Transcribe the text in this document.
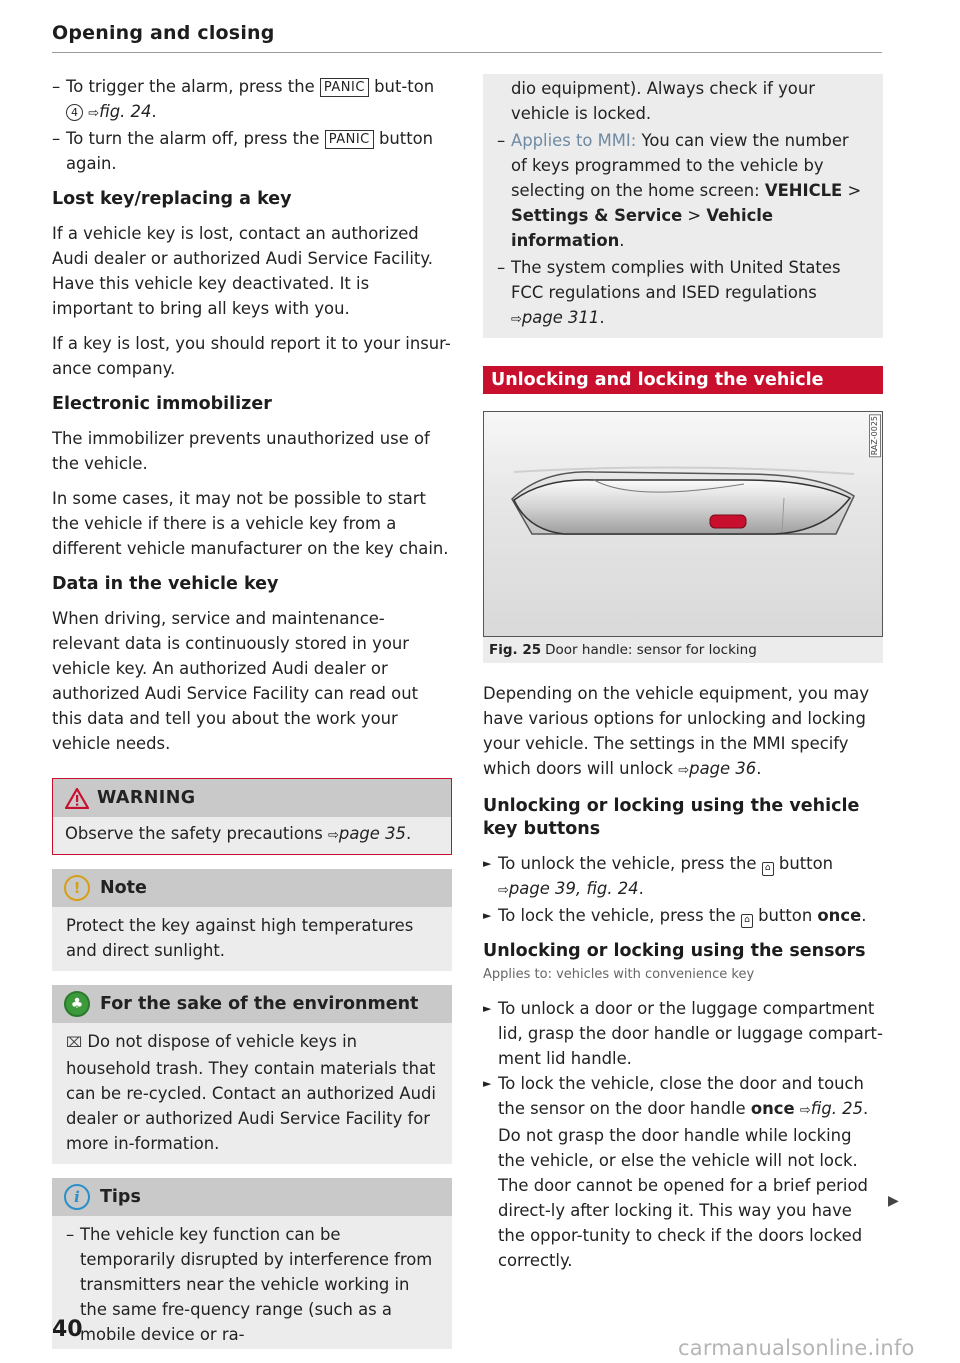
Opening and closing
– To trigger the alarm, press the PANIC but-ton 4 ⇨fig. 24.
– To turn the alarm off, press the PANIC button again.
Lost key/replacing a key

If a vehicle key is lost, contact an authorized Audi dealer or authorized Audi Service Facility. Have this vehicle key deactivated. It is important to bring all keys with you.

If a key is lost, you should report it to your insur-ance company.

Electronic immobilizer

The immobilizer prevents unauthorized use of the vehicle.

In some cases, it may not be possible to start the vehicle if there is a vehicle key from a different vehicle manufacturer on the key chain.

Data in the vehicle key

When driving, service and maintenance-relevant data is continuously stored in your vehicle key. An authorized Audi dealer or authorized Audi Service Facility can read out this data and tell you about the work your vehicle needs.

WARNING

Observe the safety precautions ⇨page 35.

!	Note

Protect the key against high temperatures and direct sunlight.

♣ For the sake of the environment

⌧ Do not dispose of vehicle keys in household trash. They contain materials that can be re-cycled. Contact an authorized Audi dealer or authorized Audi Service Facility for more in-formation.

i	Tips
– The vehicle key function can be temporarily disrupted by interference from transmitters near the vehicle working in the same fre-quency range (such as a mobile device or ra-
– dio equipment). Always check if your vehicle is locked.
– Applies to MMI: You can view the number of keys programmed to the vehicle by selecting on the home screen: VEHICLE > Settings & Service > Vehicle information.
– The system complies with United States FCC regulations and ISED regulations ⇨page 311.
Unlocking and locking the vehicle
RAZ-0025
Fig. 25 Door handle: sensor for locking

Depending on the vehicle equipment, you may have various options for unlocking and locking your vehicle. The settings in the MMI specify which doors will unlock ⇨page 36.

Unlocking or locking using the vehicle key buttons
► To unlock the vehicle, press the ⌂ button ⇨page 39, fig. 24.
► To lock the vehicle, press the ⌂ button once.
Unlocking or locking using the sensors
Applies to: vehicles with convenience key
► To unlock a door or the luggage compartment lid, grasp the door handle or luggage compart-ment lid handle.
► To lock the vehicle, close the door and touch the sensor on the door handle once ⇨fig. 25. Do not grasp the door handle while locking the vehicle, or else the vehicle will not lock. The door cannot be opened for a brief period direct-ly after locking it. This way you have the oppor-tunity to check if the doors locked correctly.
▶
40
carmanualsonline.info
